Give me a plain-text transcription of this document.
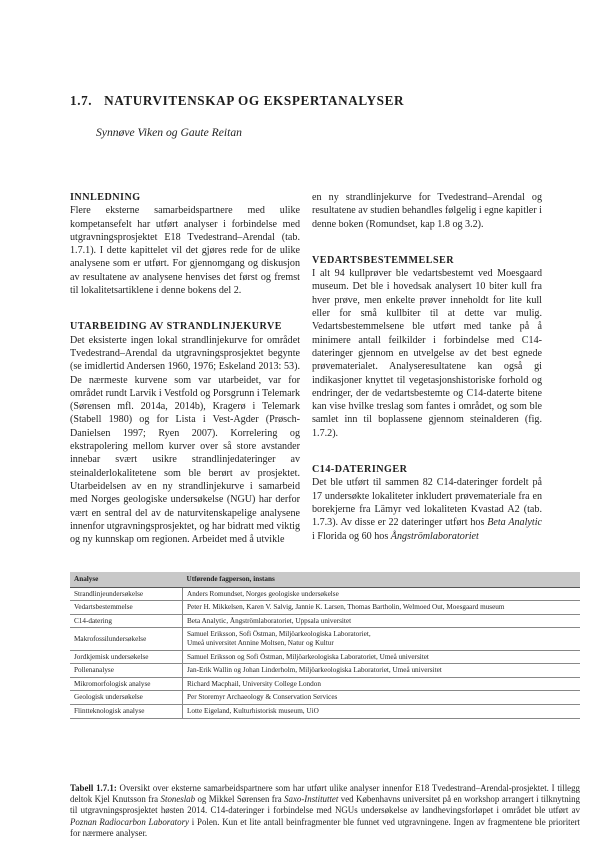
1.7. NATURVITENSKAP OG EKSPERTANALYSER
Synnøve Viken og Gaute Reitan
INNLEDNING

Flere eksterne samarbeidspartnere med ulike kompetansefelt har utført analyser i forbindelse med utgravningsprosjektet E18 Tvedestrand–Arendal (tab. 1.7.1). I dette kapittelet vil det gjøres rede for de ulike analysene som er utført. For gjennomgang og diskusjon av resultatene av analysene henvises det først og fremst til lokalitetsartiklene i denne bokens del 2.

UTARBEIDING AV STRANDLINJEKURVE

Det eksisterte ingen lokal strandlinjekurve for området Tvedestrand–Arendal da utgravningsprosjektet begynte (se imidlertid Andersen 1960, 1976; Eskeland 2013: 53). De nærmeste kurvene som var utarbeidet, var for området rundt Larvik i Vestfold og Porsgrunn i Telemark (Sørensen mfl. 2014a, 2014b), Kragerø i Telemark (Stabell 1980) og for Lista i Vest-Agder (Prøsch-Danielsen 1997; Ryen 2007). Korrelering og ekstrapolering mellom kurver over så store avstander innebar svært usikre strandlinjedateringer av steinalderlokalitetene som ble berørt av prosjektet. Utarbeidelsen av en ny strandlinjekurve i samarbeid med Norges geologiske undersøkelse (NGU) har derfor vært en sentral del av de naturvitenskapelige analysene innenfor utgravningsprosjektet, og har bidratt med viktig og ny kunnskap om regionen. Arbeidet med å utvikle

en ny strandlinjekurve for Tvedestrand–Arendal og resultatene av studien behandles følgelig i egne kapitler i denne boken (Romundset, kap 1.8 og 3.2).

VEDARTSBESTEMMELSER

I alt 94 kullprøver ble vedartsbestemt ved Moesgaard museum. Det ble i hovedsak analysert 10 biter kull fra hver prøve, men enkelte prøver inneholdt for lite kull eller for små kullbiter til at dette var mulig. Vedartsbestemmelsene ble utført med tanke på å minimere antall feilkilder i forbindelse med C14-dateringer gjennom en utvelgelse av det best egnede prøvematerialet. Analyseresultatene kan også gi indikasjoner knyttet til vegetasjonshistoriske forhold og endringer, der de vedartsbestemte og C14-daterte bitene kan vise hvilke treslag som fantes i området, og som ble samlet inn til boplassene gjennom steinalderen (fig. 1.7.2).

C14-DATERINGER

Det ble utført til sammen 82 C14-dateringer fordelt på 17 undersøkte lokaliteter inkludert prøvemateriale fra en borekjerne fra Lämyr ved lokaliteten Kvastad A2 (tab. 1.7.3). Av disse er 22 dateringer utført hos Beta Analytic i Florida og 60 hos Ångströmlaboratoriet

Analyse	Utførende fagperson, instans
Strandlinjeundersøkelse	Anders Romundset, Norges geologiske undersøkelse
Vedartsbestemmelse	Peter H. Mikkelsen, Karen V. Salvig, Jannie K. Larsen, Thomas Bartholin, Welmoed Out, Moesgaard museum
C14-datering	Beta Analytic, Ångströmlaboratoriet, Uppsala universitet
Makrofossilundersøkelse	Samuel Eriksson, Sofi Östman, Miljöarkeologiska Laboratoriet,
Umeå universitet Annine Moltsen, Natur og Kultur
Jordkjemisk undersøkelse	Samuel Eriksson og Sofi Östman, Miljöarkeologiska Laboratoriet, Umeå universitet
Pollenanalyse	Jan-Erik Wallin og Johan Linderholm, Miljöarkeologiska Laboratoriet, Umeå universitet
Mikromorfologisk analyse	Richard Macphail, University College London
Geologisk undersøkelse	Per Storemyr Archaeology & Conservation Services
Flintteknologisk analyse	Lotte Eigeland, Kulturhistorisk museum, UiO
Tabell 1.7.1: Oversikt over eksterne samarbeidspartnere som har utført ulike analyser innenfor E18 Tvedestrand–Arendal-prosjektet. I tillegg deltok Kjel Knutsson fra Stoneslab og Mikkel Sørensen fra Saxo-Instituttet ved Københavns universitet på en workshop arrangert i tilknytning til utgravningsprosjektet høsten 2014. C14-dateringer i forbindelse med NGUs undersøkelse av landhevingsforløpet i området ble utført av Poznan Radiocarbon Laboratory i Polen. Kun et lite antall beinfragmenter ble funnet ved utgravningene. Ingen av fragmentene ble prioritert for nærmere analyser.
